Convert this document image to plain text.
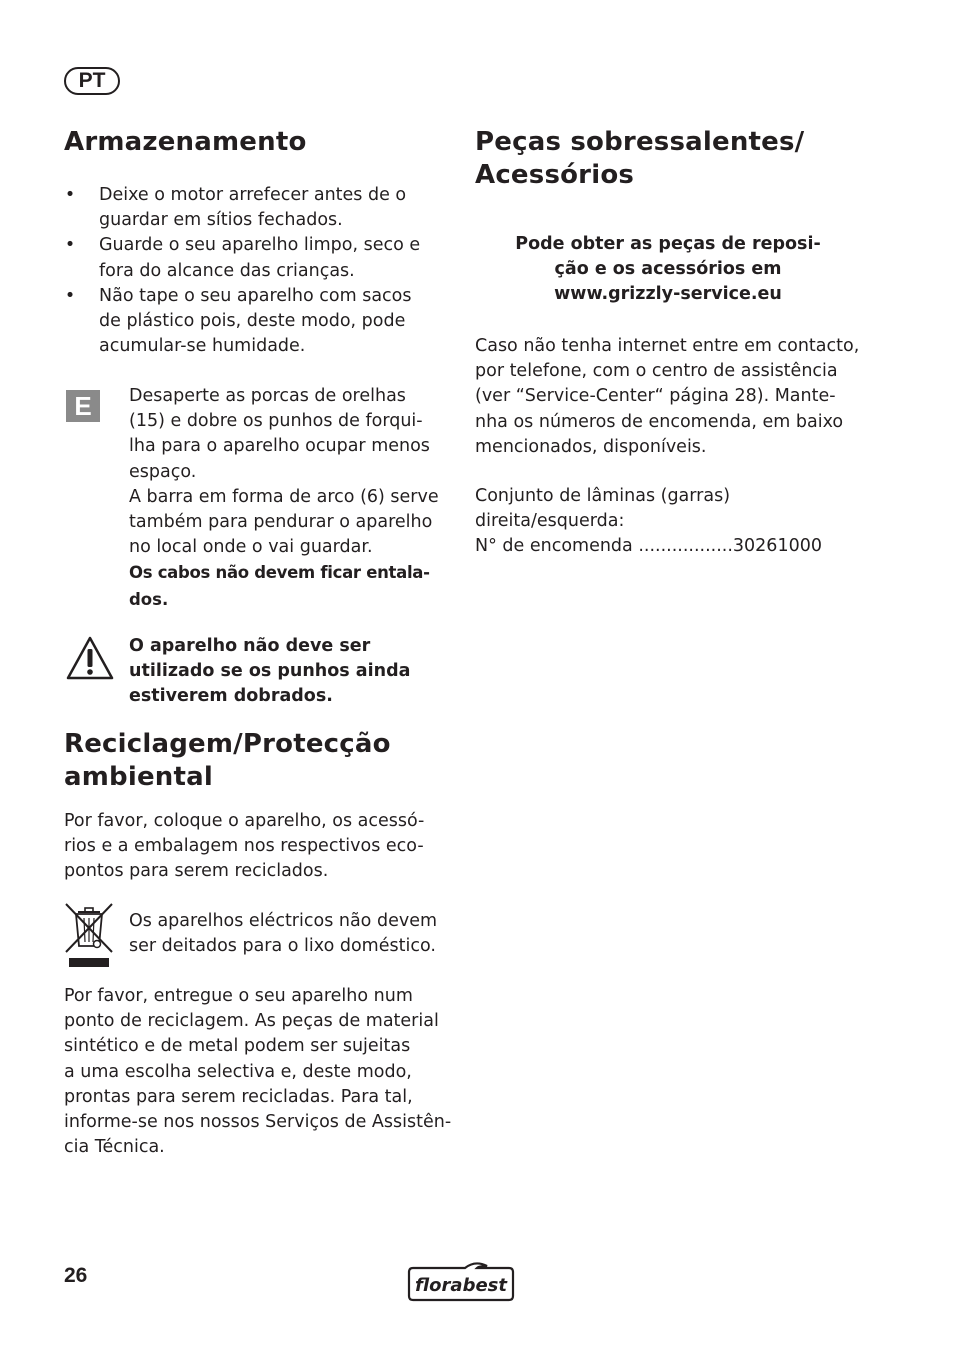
PT
Armazenamento
• Deixe o motor arrefecer antes de o
guardar em sítios fechados.
• Guarde o seu aparelho limpo, seco e
fora do alcance das crianças.
• Não tape o seu aparelho com sacos
de plástico pois, deste modo, pode
acumular-se humidade.
E	Desaperte as porcas de orelhas
(15) e dobre os punhos de forqui-
lha para o aparelho ocupar menos
espaço.
A barra em forma de arco (6) serve
também para pendurar o aparelho
no local onde o vai guardar.
Os cabos não devem ficar entala-
dos.
O aparelho não deve ser
utilizado se os punhos ainda
estiverem dobrados.
Reciclagem/Protecção
ambiental
Por favor, coloque o aparelho, os acessó-
rios e a embalagem nos respectivos eco-
pontos para serem reciclados.
Os aparelhos eléctricos não devem
ser deitados para o lixo doméstico.
Por favor, entregue o seu aparelho num
ponto de reciclagem. As peças de material
sintético e de metal podem ser sujeitas
a uma escolha selectiva e, deste modo,
prontas para serem recicladas. Para tal,
informe-se nos nossos Serviços de Assistên-
cia Técnica.
Peças sobressalentes/
Acessórios
Pode obter as peças de reposi-
ção e os acessórios em
www.grizzly-service.eu
Caso não tenha internet entre em contacto,
por telefone, com o centro de assistência
(ver “Service-Center“ página 28). Mante-
nha os números de encomenda, em baixo
mencionados, disponíveis.
Conjunto de lâminas (garras)
direita/esquerda:
N° de encomenda .................30261000
26	florabest
